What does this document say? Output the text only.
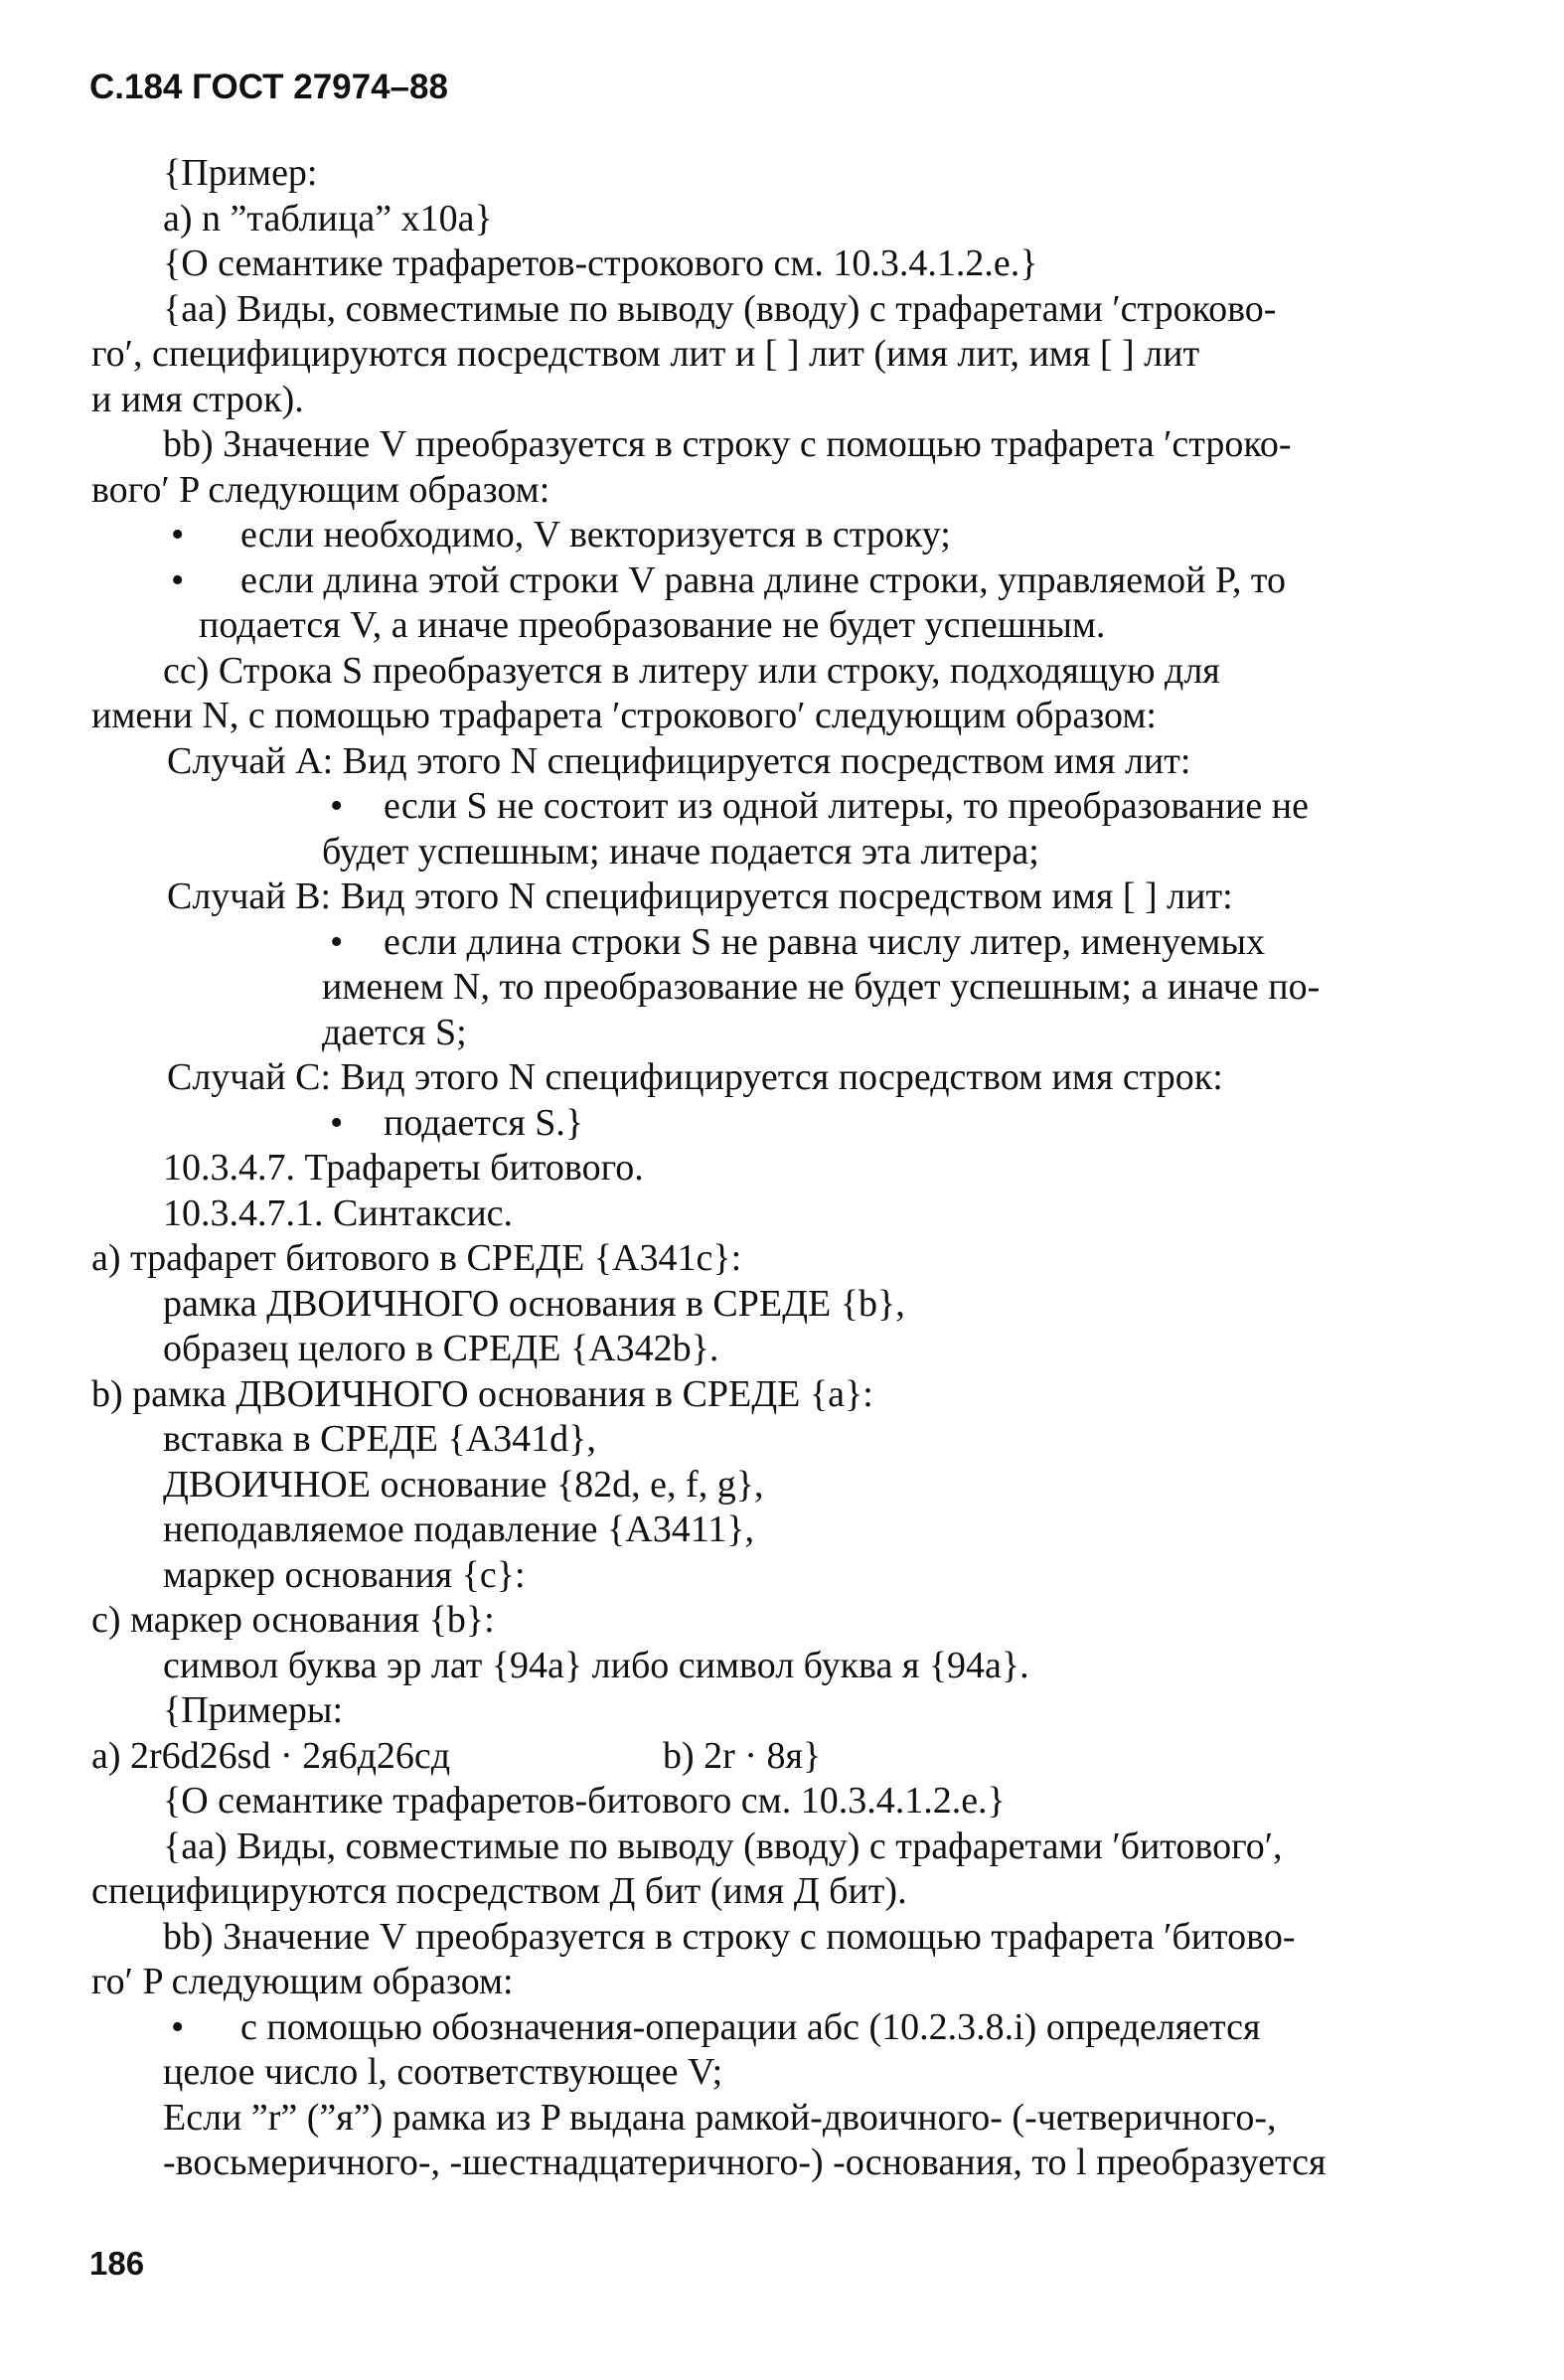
С.184 ГОСТ 27974–88
{Пример:
а) n ”таблица” x10a}
{О семантике трафаретов-строкового см. 10.3.4.1.2.е.}
{аа) Виды, совместимые по выводу (вводу) с трафаретами ′строково-
го′, специфицируются посредством лит и [ ] лит (имя лит, имя [ ] лит
и имя строк).
bb) Значение V преобразуется в строку с помощью трафарета ′строко-
вого′ P следующим образом:
• если необходимо, V векторизуется в строку;
• если длина этой строки V равна длине строки, управляемой P, то
подается V, а иначе преобразование не будет успешным.
cc) Строка S преобразуется в литеру или строку, подходящую для
имени N, с помощью трафарета ′строкового′ следующим образом:
Случай A: Вид этого N специфицируется посредством имя лит:
• если S не состоит из одной литеры, то преобразование не
будет успешным; иначе подается эта литера;
Случай B: Вид этого N специфицируется посредством имя [ ] лит:
• если длина строки S не равна числу литер, именуемых
именем N, то преобразование не будет успешным; а иначе по-
дается S;
Случай C: Вид этого N специфицируется посредством имя строк:
• подается S.}
10.3.4.7. Трафареты битового.
10.3.4.7.1. Синтаксис.
а) трафарет битового в СРЕДЕ {A341c}:
рамка ДВОИЧНОГО основания в СРЕДЕ {b},
образец целого в СРЕДЕ {A342b}.
b) рамка ДВОИЧНОГО основания в СРЕДЕ {a}:
вставка в СРЕДЕ {A341d},
ДВОИЧНОЕ основание {82d, e, f, g},
неподавляемое подавление {A3411},
маркер основания {c}:
c) маркер основания {b}:
символ буква эр лат {94a} либо символ буква я {94a}.
{Примеры:
а) 2r6d26sd · 2я6д26сд	b) 2r · 8я}
{О семантике трафаретов-битового см. 10.3.4.1.2.е.}
{аа) Виды, совместимые по выводу (вводу) с трафаретами ′битового′,
специфицируются посредством Д бит (имя Д бит).
bb) Значение V преобразуется в строку с помощью трафарета ′битово-
го′ P следующим образом:
• с помощью обозначения-операции абс (10.2.3.8.i) определяется
целое число l, соответствующее V;
Если ”r” (”я”) рамка из P выдана рамкой-двоичного- (-четверичного-,
-восьмеричного-, -шестнадцатеричного-) -основания, то l преобразуется
186
